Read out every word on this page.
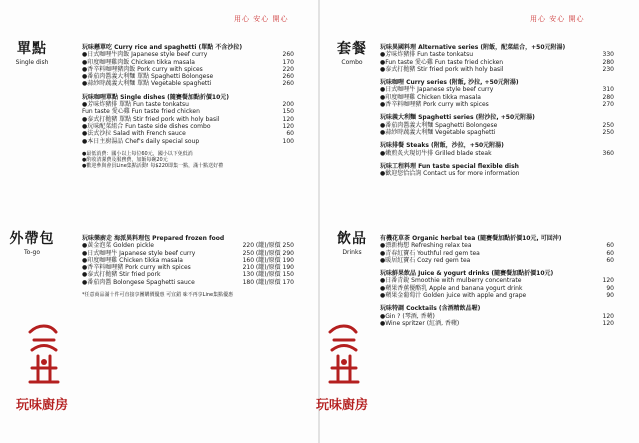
用心 安心 開心
單點
Single dish
玩味懸單吃 Curry rice and spaghetti (單點 不含沙拉)
●日式咖哩牛肉飯 Japanese style beef curry	260
●印度咖哩雞肉飯 Chicken tikka masala	170
●香辛料咖哩豬肉飯 Pork curry with spices	220
●番茄肉醬義大利麵 單點 Spaghetti Bolongese	260
●蒜紗時蔬義大利麵 單點 Vegetable spaghetti	260
玩味咖哩單點 Single dishes (隨賽餐加點折價10元)
●芳味炸豬排 單點 Fun taste tonkatsu	200
Fun taste 愛心雞 Fun taste fried chicken	150
●泰式打拋豬 單點 Stir fried pork with holy basil	120
●玩味配菜組合 Fun taste side dishes combo	120
●法式沙拉 Salad with French sauce	60
●本日主廚湯品 Chef's daily special soup	100
●最低消費：國小以上每位60元，國小以下免低消
●酌收清潔費及服務費，加飯每碗20元
●歡迎參與會員Line集點活動! 每$220即集一點，滿十點送好禮
外帶包
To-go
玩味樂廚走 海派異料理包 Prepared frozen food
●黃金泡菜 Golden pickle	220 (罐)/原價 250
●日式咖哩牛 Japanese style beef curry	250 (罐)/原價 290
●印度咖哩雞 Chicken tikka masala	160 (罐)/原價 190
●香辛料咖哩豬 Pork curry with spices	210 (罐)/原價 190
●泰式打拋豬 Stir fried pork	130 (罐)/原價 150
●番茄肉醬 Bolongese Spaghetti sauce	180 (罐)/原價 170
*任意商品滿十件可直接享團購價優惠 可宜錯 味不再享Line集點優惠
玩味廚房
用心 安心 開心
套餐
Combo
玩味異國料理 Alternative series (附飯，配菜組合，+50元附湯)
●芳味炸豬排 Fun taste tonkatsu	330
●Fun taste 愛心雞 Fun taste fried chicken	280
●泰式打拋豬 Stir fried pork with holy basil	230
玩味咖哩 Curry series (附飯, 沙拉, +50元附湯)
●日式咖哩牛 Japanese style beef curry	310
●印度咖哩雞 Chicken tikka masala	280
●香辛料咖哩豬 Pork curry with spices	270
玩味義大利麵 Spaghetti series (附沙拉, +50元附湯)
●番茄肉醬義大利麵 Spaghetti Bolongese	250
●蒜紗時蔬義大利麵 Vegetable spaghetti	250
玩味排餐 Steaks (附飯，沙拉，+50元附湯)
●嫩煎炙火現切牛排 Grilled blade steak	360
玩味工程料理 Fun taste special flexible dish
●歡迎您恰洽詢 Contact us for more information
飲品
Drinks
有機花草茶 Organic herbal tea (隨賽餐加點折價10元, 可回沖)
●漂新梅想 Refreshing relax tea	60
●青春紅寶石 Youthful red gem tea	60
●暖居紅寶石 Cozy red gem tea	60
玩味鮮果飲品 Juice & yogurt drinks (隨賽餐加點折價10元)
●日番青銳 Smoothie with mulberry concentrate	120
●蘋果香蕉優酪乳 Apple and banana yogurt drink	90
●蘋果金葡萄汁 Golden juice with apple and grape	90
玩味特調 Cocktails (含酒精飲品喔)
●Gin ? (琴酒, 香蘋)	120
●Wine spritzer (紅酒, 香蘋)	120
玩味廚房
